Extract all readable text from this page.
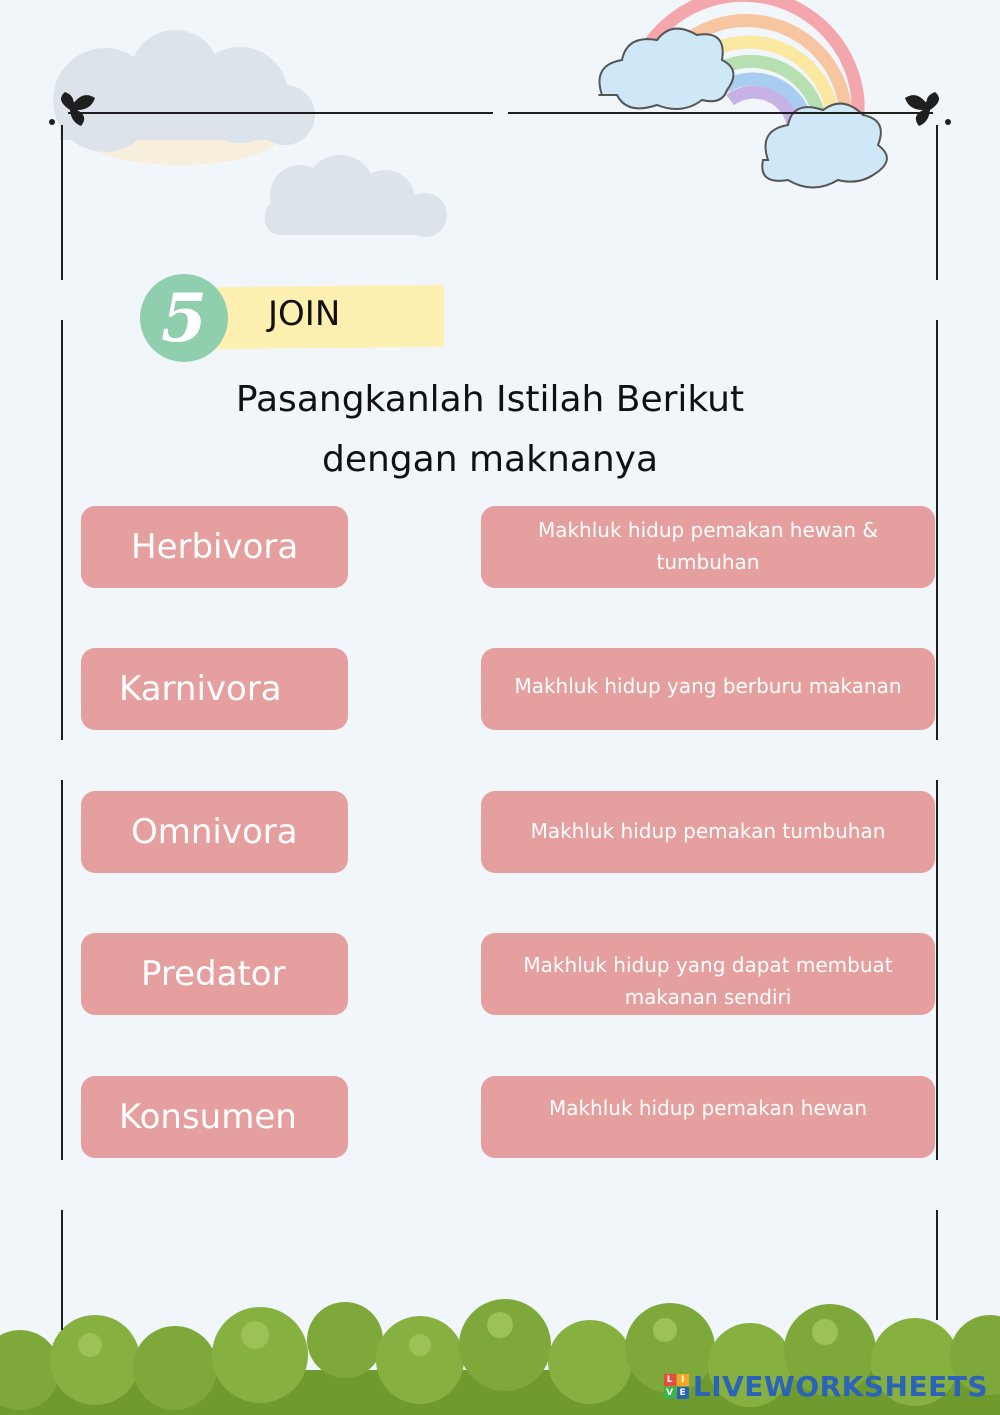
5	JOIN
Pasangkanlah Istilah Berikut
dengan maknanya
Herbivora
Karnivora
Omnivora
Predator
Konsumen
Makhluk hidup pemakan hewan & tumbuhan
Makhluk hidup yang berburu makanan
Makhluk hidup pemakan tumbuhan
Makhluk hidup yang dapat membuat makanan sendiri
Makhluk hidup pemakan hewan
L I
V E LIVEWORKSHEETS
